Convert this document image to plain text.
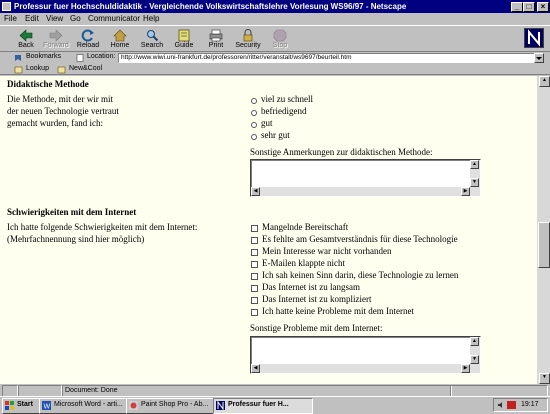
Professur fuer Hochschuldidaktik - Vergleichende Volkswirtschaftslehre Vorlesung WS96/97 - Netscape	_ □	×
File Edit View Go Communicator Help
Back	Forward	Reload	Home	Search	Guide	Print	Security	Stop
Bookmarks	Location: http://www.wiwi.uni-frankfurt.de/professoren/ritter/veranstalt/ws9697/beurteil.htm
Lookup	New&Cool
Didaktische Methode
Die Methode, mit der wir mit
der neuen Technologie vertraut
gemacht wurden, fand ich:
viel zu schnell
befriedigend
gut
sehr gut
Sonstige Anmerkungen zur didaktischen Methode:
▲
▼
◀	▶
Schwierigkeiten mit dem Internet
Ich hatte folgende Schwierigkeiten mit dem Internet:
(Mehrfachnennung sind hier möglich)
Mangelnde Bereitschaft
Es fehlte am Gesamtverständnis für diese Technologie
Mein Interesse war nicht vorhanden
E-Mailen klappte nicht
Ich sah keinen Sinn darin, diese Technologie zu lernen
Das Internet ist zu langsam
Das Internet ist zu kompliziert
Ich hatte keine Probleme mit dem Internet
Sonstige Probleme mit dem Internet:
▲
▼
◀	▶
▲
▼
Document: Done
Start	W Microsoft Word - arti...	Paint Shop Pro - Ab...	Professur fuer H...	19:17
